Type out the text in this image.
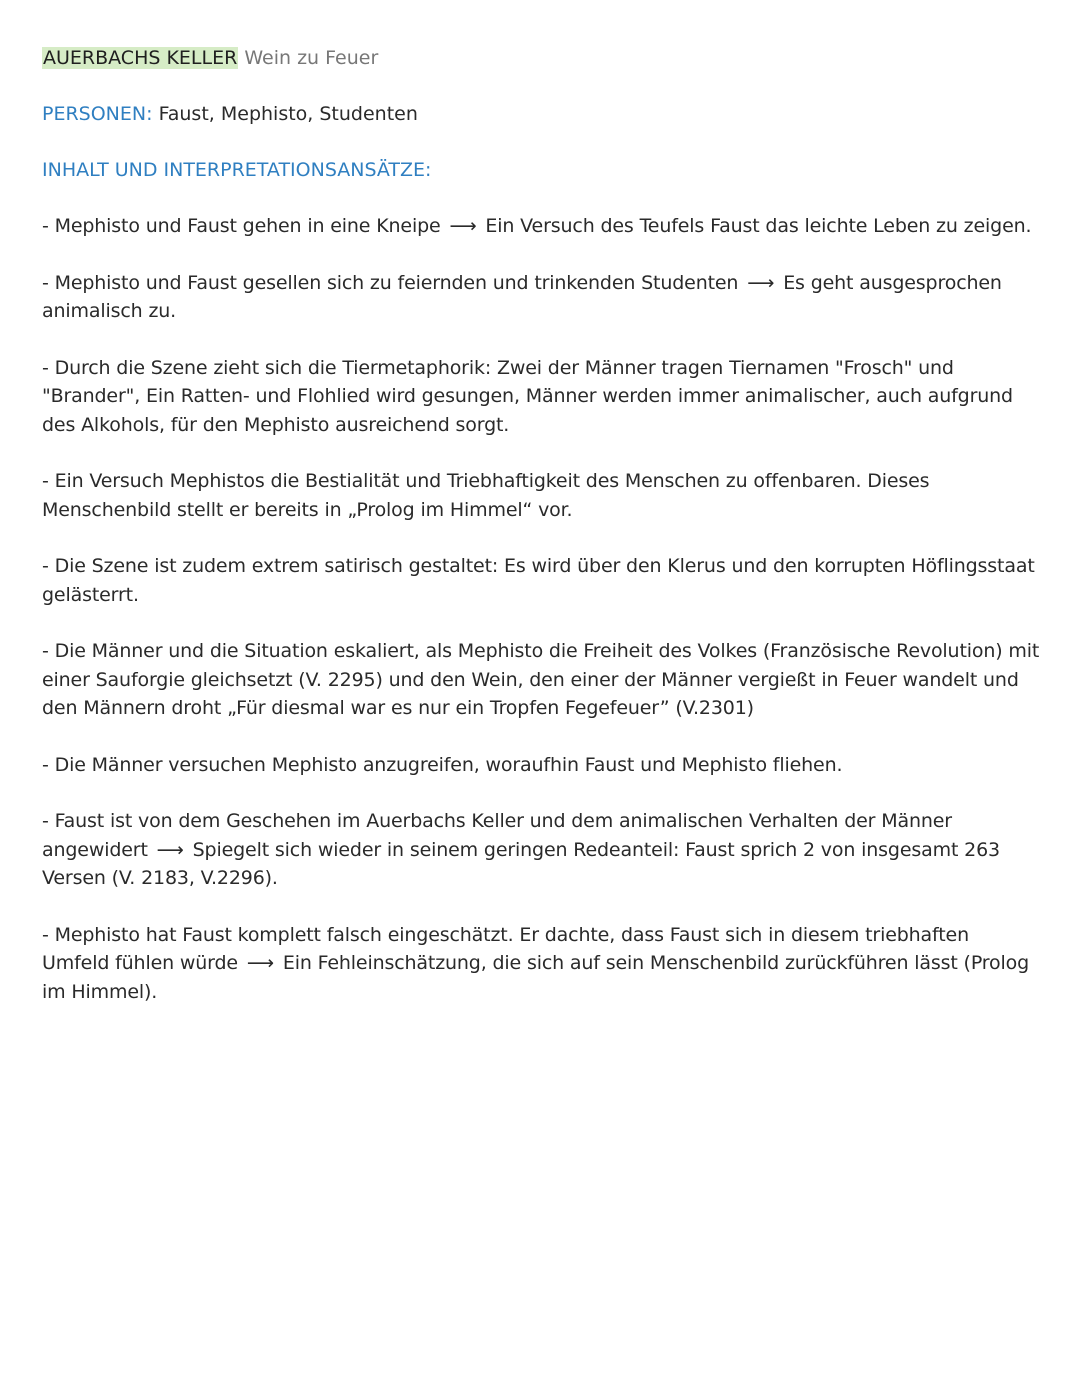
AUERBACHS KELLER Wein zu Feuer
PERSONEN: Faust, Mephisto, Studenten
INHALT UND INTERPRETATIONSANSÄTZE:

- Mephisto und Faust gehen in eine Kneipe ⟶ Ein Versuch des Teufels Faust das leichte Leben zu zeigen.

- Mephisto und Faust gesellen sich zu feiernden und trinkenden Studenten ⟶ Es geht ausgesprochen animalisch zu.

- Durch die Szene zieht sich die Tiermetaphorik: Zwei der Männer tragen Tiernamen "Frosch" und "Brander", Ein Ratten- und Flohlied wird gesungen, Männer werden immer animalischer, auch aufgrund des Alkohols, für den Mephisto ausreichend sorgt.

- Ein Versuch Mephistos die Bestialität und Triebhaftigkeit des Menschen zu offenbaren. Dieses Menschenbild stellt er bereits in „Prolog im Himmel“ vor.

- Die Szene ist zudem extrem satirisch gestaltet: Es wird über den Klerus und den korrupten Höflingsstaat gelästerrt.

- Die Männer und die Situation eskaliert, als Mephisto die Freiheit des Volkes (Französische Revolution) mit einer Sauforgie gleichsetzt (V. 2295) und den Wein, den einer der Männer vergießt in Feuer wandelt und den Männern droht „Für diesmal war es nur ein Tropfen Fegefeuer” (V.2301)

- Die Männer versuchen Mephisto anzugreifen, woraufhin Faust und Mephisto fliehen.

- Faust ist von dem Geschehen im Auerbachs Keller und dem animalischen Verhalten der Männer angewidert ⟶ Spiegelt sich wieder in seinem geringen Redeanteil: Faust sprich 2 von insgesamt 263 Versen (V. 2183, V.2296).

- Mephisto hat Faust komplett falsch eingeschätzt. Er dachte, dass Faust sich in diesem triebhaften Umfeld fühlen würde ⟶ Ein Fehleinschätzung, die sich auf sein Menschenbild zurückführen lässt (Prolog im Himmel).
